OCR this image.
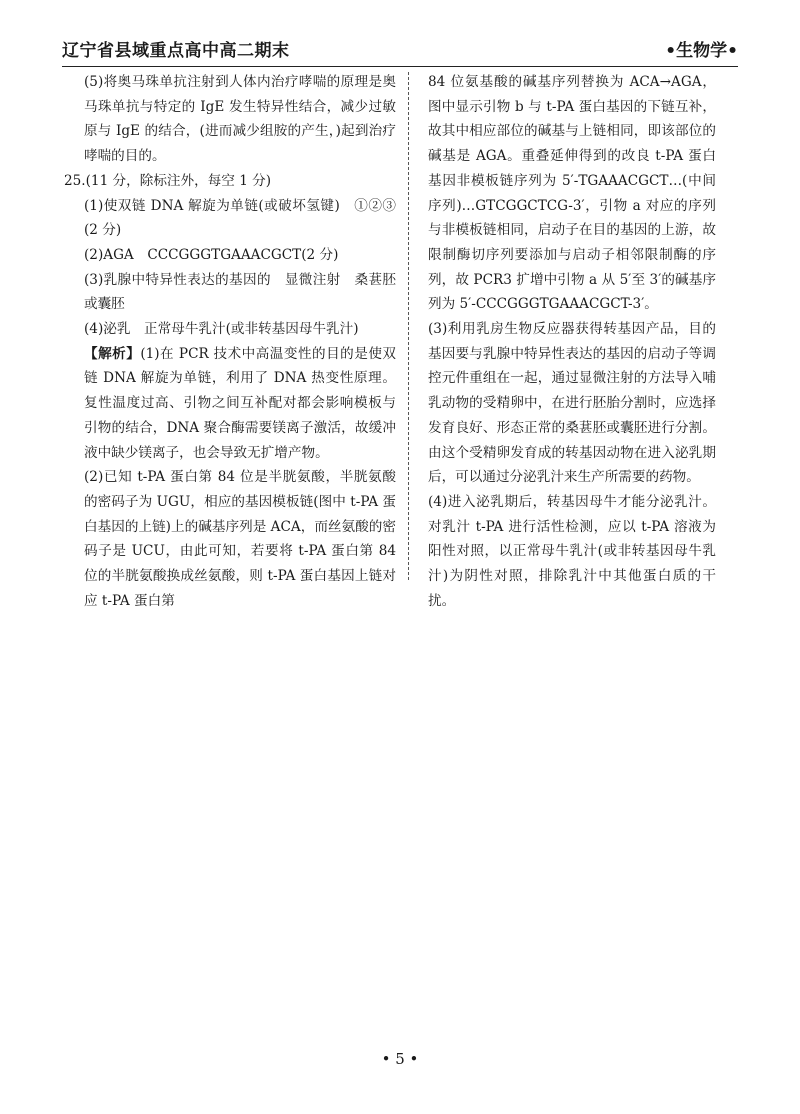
辽宁省县域重点高中高二期末	•生物学•

(5)将奥马珠单抗注射到人体内治疗哮喘的原理是奥马珠单抗与特定的 IgE 发生特异性结合，减少过敏原与 IgE 的结合，(进而减少组胺的产生，)起到治疗哮喘的目的。

25.(11 分，除标注外，每空 1 分)

(1)使双链 DNA 解旋为单链(或破坏氢键)　①②③ (2 分)

(2)AGA　CCCGGGTGAAACGCT(2 分)

(3)乳腺中特异性表达的基因的　显微注射　桑葚胚或囊胚

(4)泌乳　正常母牛乳汁(或非转基因母牛乳汁)

【解析】(1)在 PCR 技术中高温变性的目的是使双链 DNA 解旋为单链，利用了 DNA 热变性原理。复性温度过高、引物之间互补配对都会影响模板与引物的结合，DNA 聚合酶需要镁离子激活，故缓冲液中缺少镁离子，也会导致无扩增产物。

(2)已知 t-PA 蛋白第 84 位是半胱氨酸，半胱氨酸的密码子为 UGU，相应的基因模板链(图中 t-PA 蛋白基因的上链)上的碱基序列是 ACA，而丝氨酸的密码子是 UCU，由此可知，若要将 t-PA 蛋白第 84 位的半胱氨酸换成丝氨酸，则 t-PA 蛋白基因上链对应 t-PA 蛋白第

84 位氨基酸的碱基序列替换为 ACA→AGA，图中显示引物 b 与 t-PA 蛋白基因的下链互补，故其中相应部位的碱基与上链相同，即该部位的碱基是 AGA。重叠延伸得到的改良 t-PA 蛋白基因非模板链序列为 5′-TGAAACGCT…(中间序列)…GTCGGCTCG-3′，引物 a 对应的序列与非模板链相同，启动子在目的基因的上游，故限制酶切序列要添加与启动子相邻限制酶的序列，故 PCR3 扩增中引物 a 从 5′至 3′的碱基序列为 5′-CCCGGGTGAAACGCT-3′。

(3)利用乳房生物反应器获得转基因产品，目的基因要与乳腺中特异性表达的基因的启动子等调控元件重组在一起，通过显微注射的方法导入哺乳动物的受精卵中，在进行胚胎分割时，应选择发育良好、形态正常的桑葚胚或囊胚进行分割。由这个受精卵发育成的转基因动物在进入泌乳期后，可以通过分泌乳汁来生产所需要的药物。

(4)进入泌乳期后，转基因母牛才能分泌乳汁。对乳汁 t-PA 进行活性检测，应以 t-PA 溶液为阳性对照，以正常母牛乳汁(或非转基因母牛乳汁)为阴性对照，排除乳汁中其他蛋白质的干扰。

• 5 •
